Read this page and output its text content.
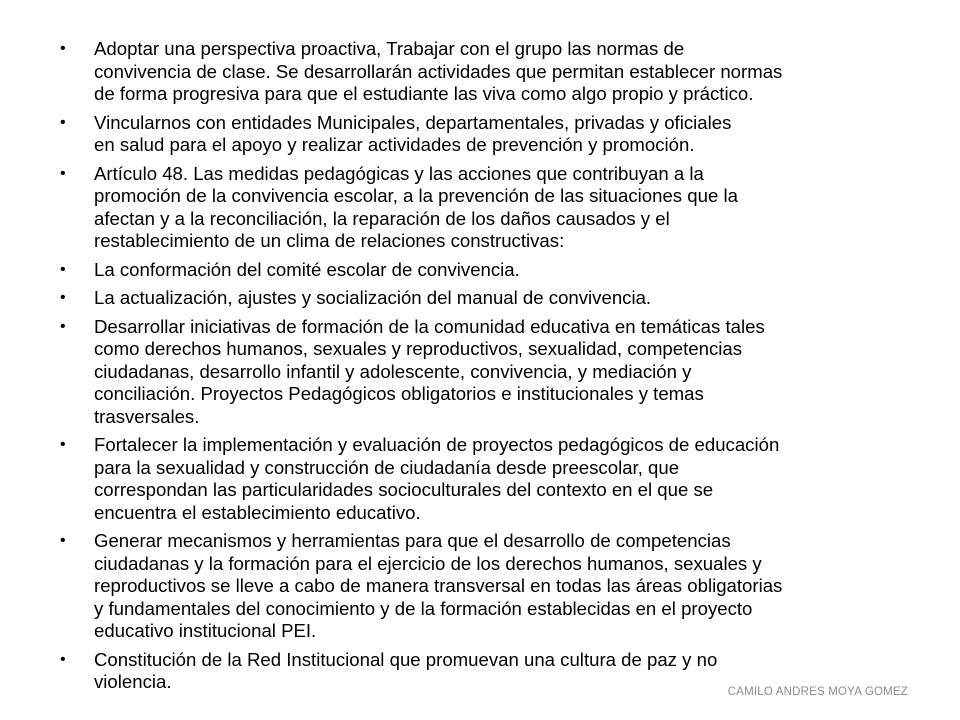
• Adoptar una perspectiva proactiva, Trabajar con el grupo las normas de
convivencia de clase. Se desarrollarán actividades que permitan establecer normas
de forma progresiva para que el estudiante las viva como algo propio y práctico.
• Vincularnos con entidades Municipales, departamentales, privadas y oficiales
en salud para el apoyo y realizar actividades de prevención y promoción.
• Artículo 48. Las medidas pedagógicas y las acciones que contribuyan a la
promoción de la convivencia escolar, a la prevención de las situaciones que la
afectan y a la reconciliación, la reparación de los daños causados y el
restablecimiento de un clima de relaciones constructivas:
• La conformación del comité escolar de convivencia.
• La actualización, ajustes y socialización del manual de convivencia.
• Desarrollar iniciativas de formación de la comunidad educativa en temáticas tales
como derechos humanos, sexuales y reproductivos, sexualidad, competencias
ciudadanas, desarrollo infantil y adolescente, convivencia, y mediación y
conciliación. Proyectos Pedagógicos obligatorios e institucionales y temas
trasversales.
• Fortalecer la implementación y evaluación de proyectos pedagógicos de educación
para la sexualidad y construcción de ciudadanía desde preescolar, que
correspondan las particularidades socioculturales del contexto en el que se
encuentra el establecimiento educativo.
• Generar mecanismos y herramientas para que el desarrollo de competencias
ciudadanas y la formación para el ejercicio de los derechos humanos, sexuales y
reproductivos se lleve a cabo de manera transversal en todas las áreas obligatorias
y fundamentales del conocimiento y de la formación establecidas en el proyecto
educativo institucional PEI.
• Constitución de la Red Institucional que promuevan una cultura de paz y no
violencia.	CAMILO ANDRES MOYA GOMEZ
